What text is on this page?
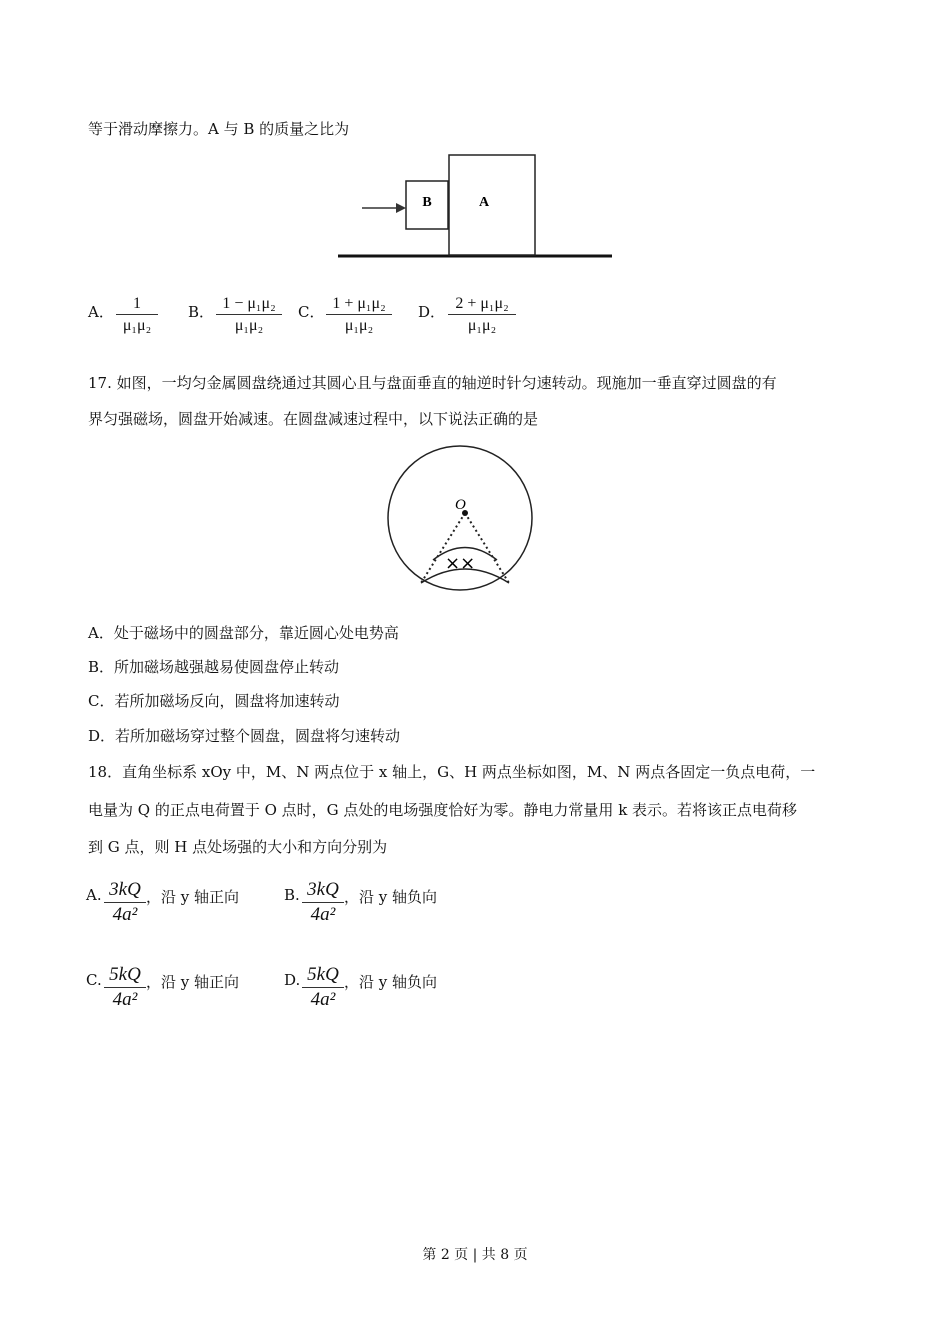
等于滑动摩擦力。A 与 B 的质量之比为
B	A
A．	1
μ₁μ₂
B． 1 − μ₁μ₂
μ₁μ₂
C． 1 + μ₁μ₂
μ₁μ₂
D． 2 + μ₁μ₂
μ₁μ₂
17. 如图，一均匀金属圆盘绕通过其圆心且与盘面垂直的轴逆时针匀速转动。现施加一垂直穿过圆盘的有
界匀强磁场，圆盘开始减速。在圆盘减速过程中，以下说法正确的是
O
××
A．处于磁场中的圆盘部分，靠近圆心处电势高
B．所加磁场越强越易使圆盘停止转动
C．若所加磁场反向，圆盘将加速转动
D．若所加磁场穿过整个圆盘，圆盘将匀速转动
18．直角坐标系 xOy 中，M、N 两点位于 x 轴上，G、H 两点坐标如图，M、N 两点各固定一负点电荷，一
电量为 Q 的正点电荷置于 O 点时，G 点处的电场强度恰好为零。静电力常量用 k 表示。若将该正点电荷移
到 G 点，则 H 点处场强的大小和方向分别为
A. 3kQ
4a²
，沿 y 轴正向	B. 3kQ
4a²
，沿 y 轴负向
C. 5kQ
4a²
，沿 y 轴正向	D. 5kQ
4a²
，沿 y 轴负向
第 2 页 | 共 8 页
